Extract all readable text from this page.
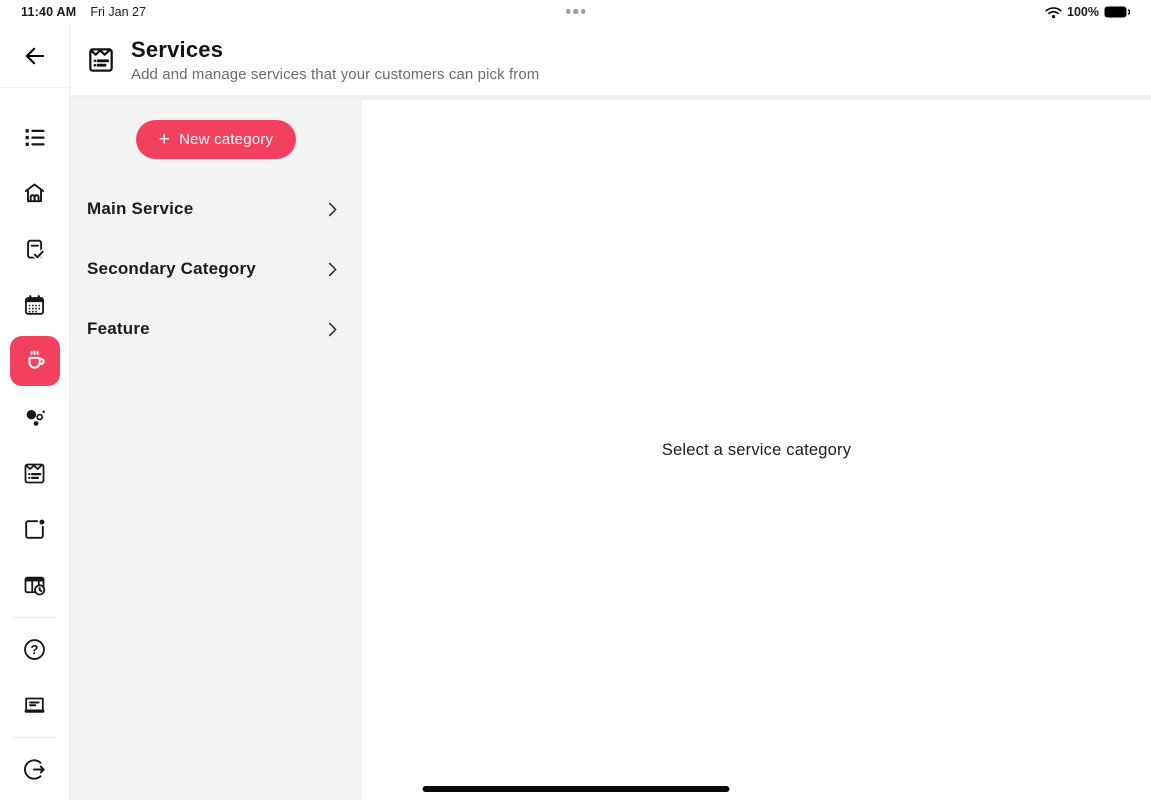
11:40 AM Fri Jan 27	100%
?
Services
Add and manage services that your customers can pick from
+ New category
Main Service
Secondary Category
Feature
Select a service category
